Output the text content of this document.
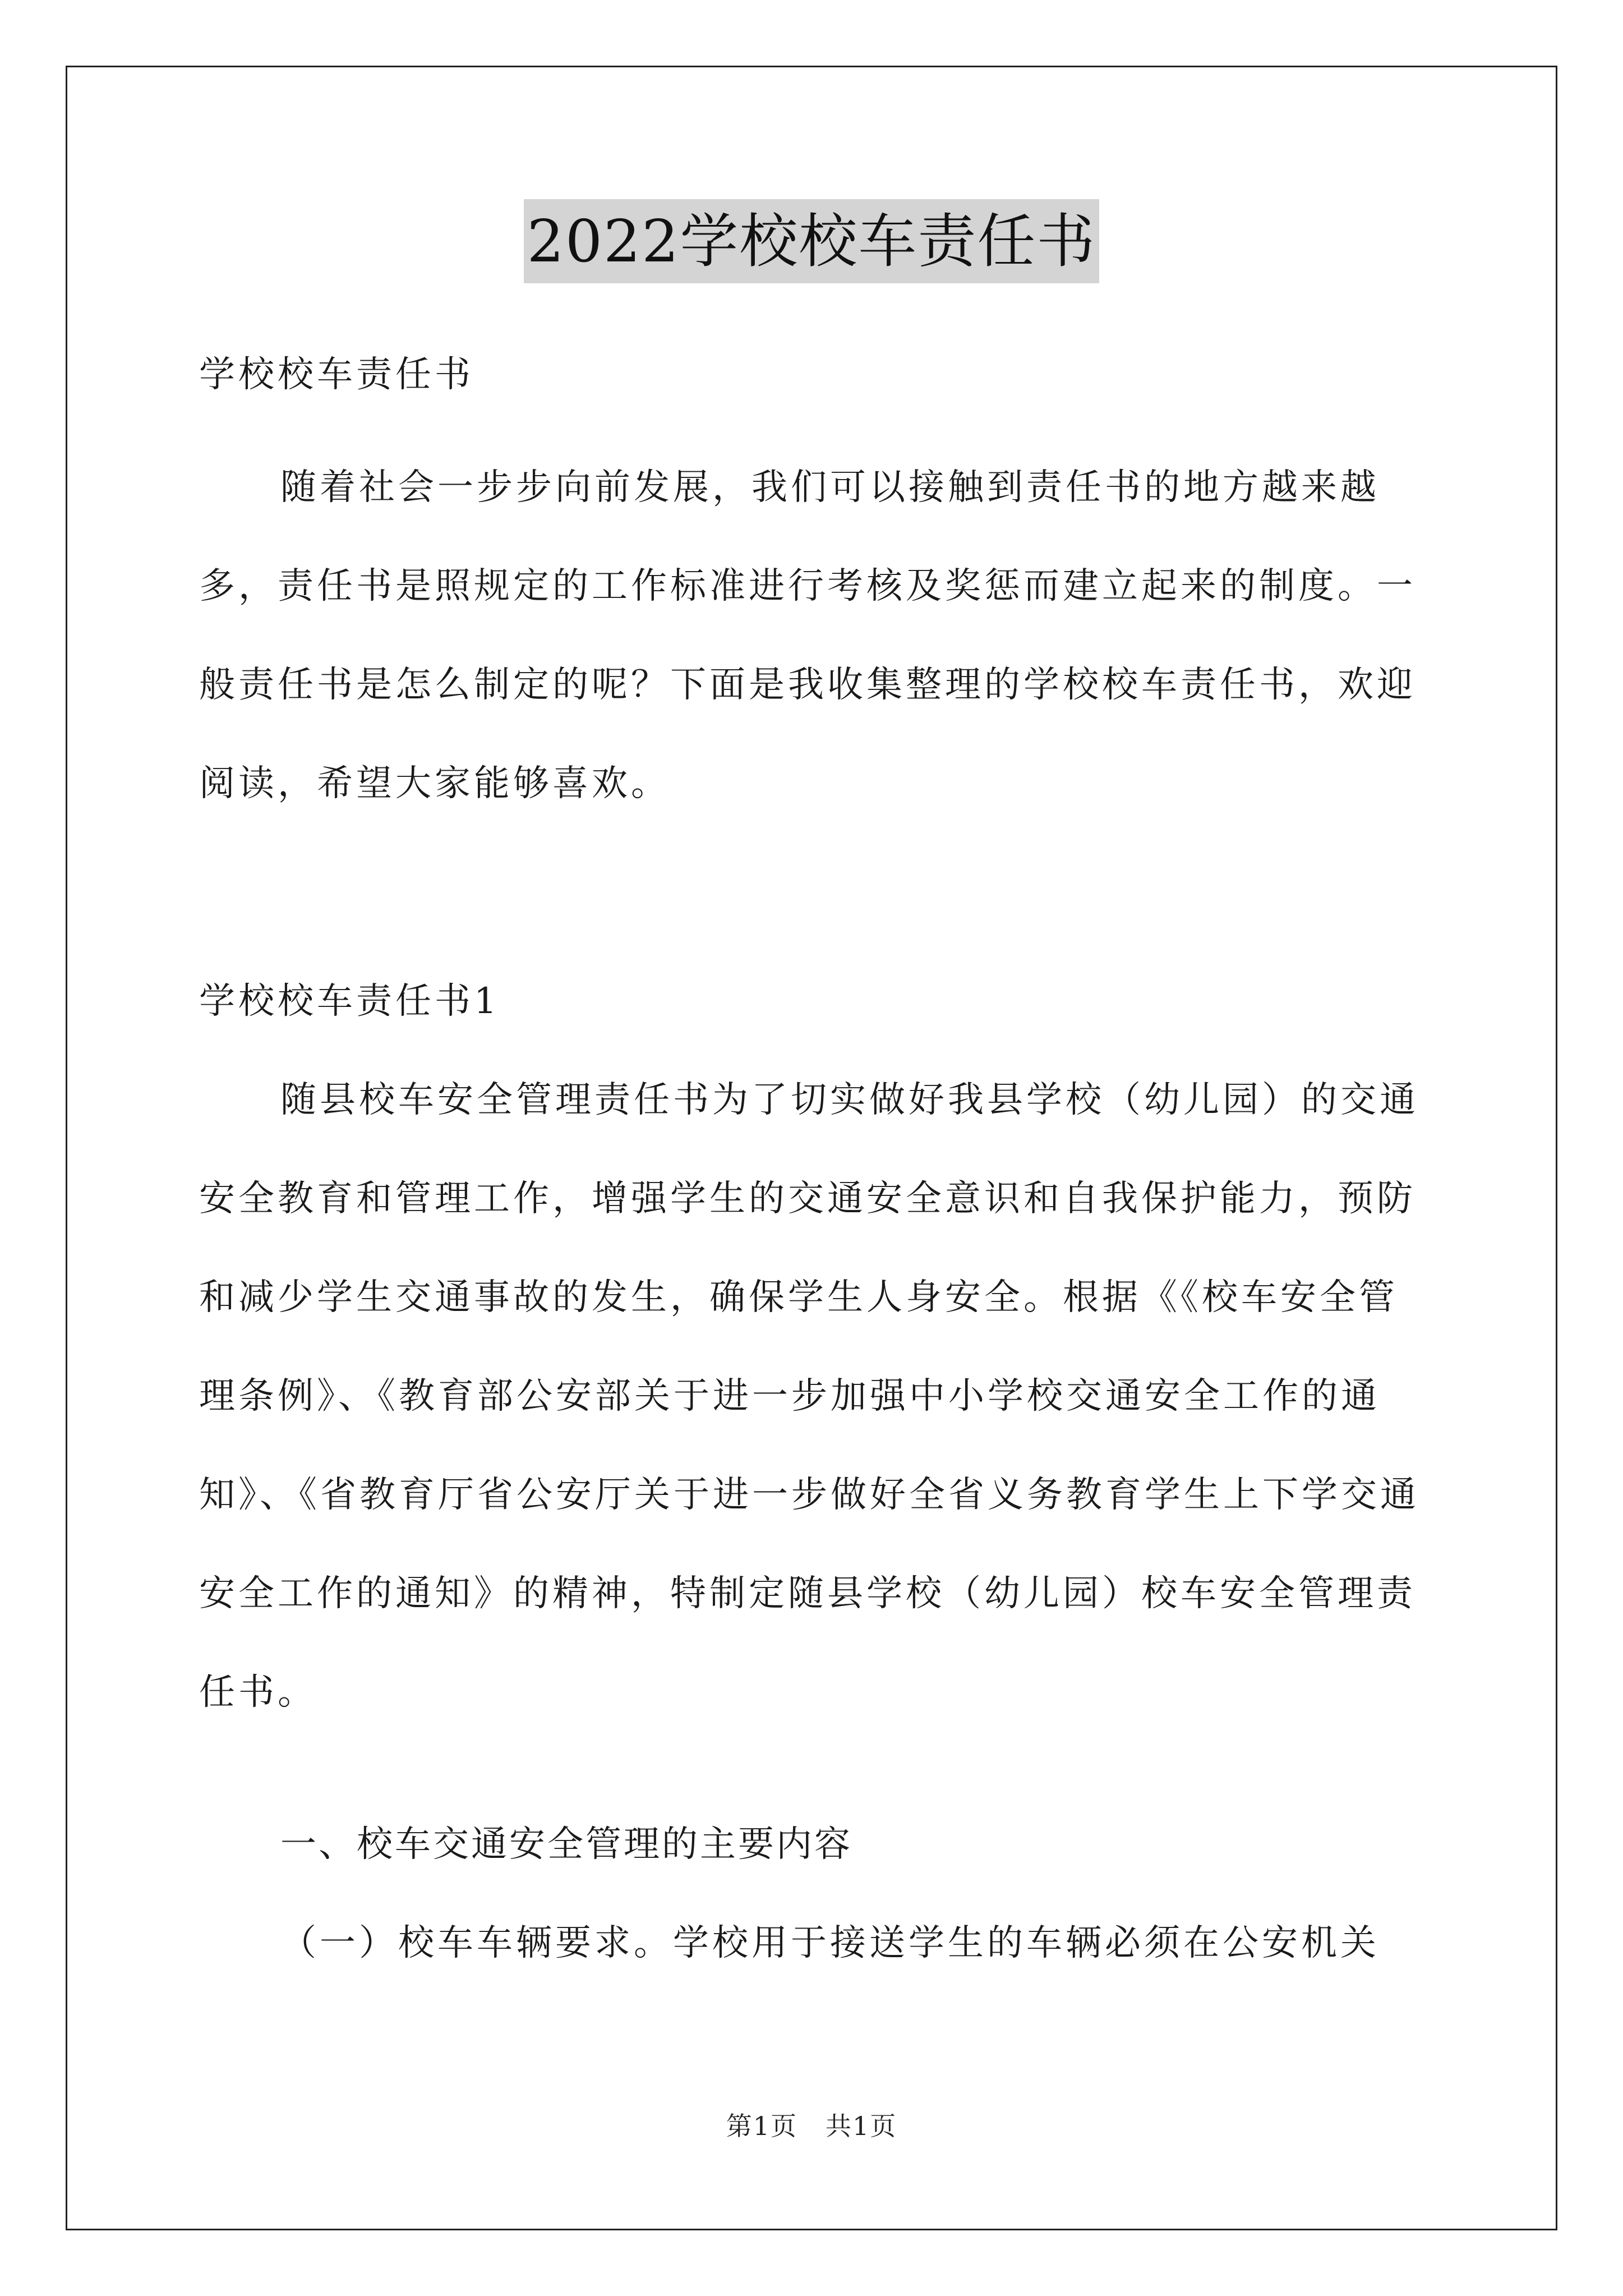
2022学校校车责任书

学校校车责任书

随着社会一步步向前发展，我们可以接触到责任书的地方越来越多，责任书是照规定的工作标准进行考核及奖惩而建立起来的制度。一般责任书是怎么制定的呢？下面是我收集整理的学校校车责任书，欢迎阅读，希望大家能够喜欢。

学校校车责任书1

随县校车安全管理责任书为了切实做好我县学校（幼儿园）的交通安全教育和管理工作，增强学生的交通安全意识和自我保护能力，预防和减少学生交通事故的发生，确保学生人身安全。根据《《校车安全管理条例》、《教育部公安部关于进一步加强中小学校交通安全工作的通知》、《省教育厅省公安厅关于进一步做好全省义务教育学生上下学交通安全工作的通知》的精神，特制定随县学校（幼儿园）校车安全管理责任书。

一、校车交通安全管理的主要内容

（一）校车车辆要求。学校用于接送学生的车辆必须在公安机关

第1页 共1页
